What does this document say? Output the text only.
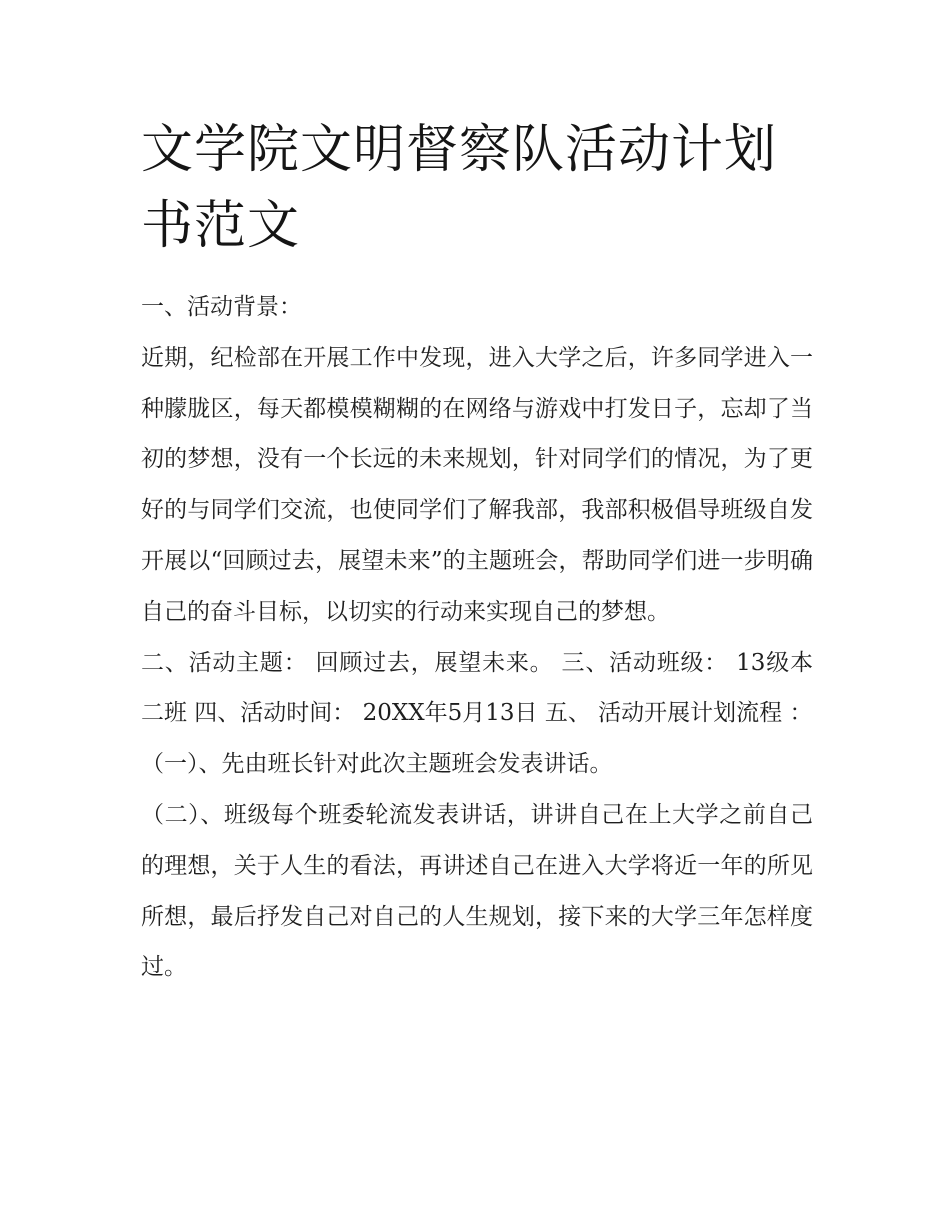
文学院文明督察队活动计划书范文

一、活动背景：

近期，纪检部在开展工作中发现，进入大学之后，许多同学进入一种朦胧区，每天都模模糊糊的在网络与游戏中打发日子，忘却了当初的梦想，没有一个长远的未来规划，针对同学们的情况，为了更好的与同学们交流，也使同学们了解我部，我部积极倡导班级自发开展以“回顾过去，展望未来”的主题班会，帮助同学们进一步明确自己的奋斗目标，以切实的行动来实现自己的梦想。

二、活动主题： 回顾过去，展望未来。 三、活动班级： 13级本二班 四、活动时间： 20XX年5月13日 五、 活动开展计划流程 ：

（一）、先由班长针对此次主题班会发表讲话。

（二）、班级每个班委轮流发表讲话，讲讲自己在上大学之前自己的理想，关于人生的看法，再讲述自己在进入大学将近一年的所见所想，最后抒发自己对自己的人生规划，接下来的大学三年怎样度过。
